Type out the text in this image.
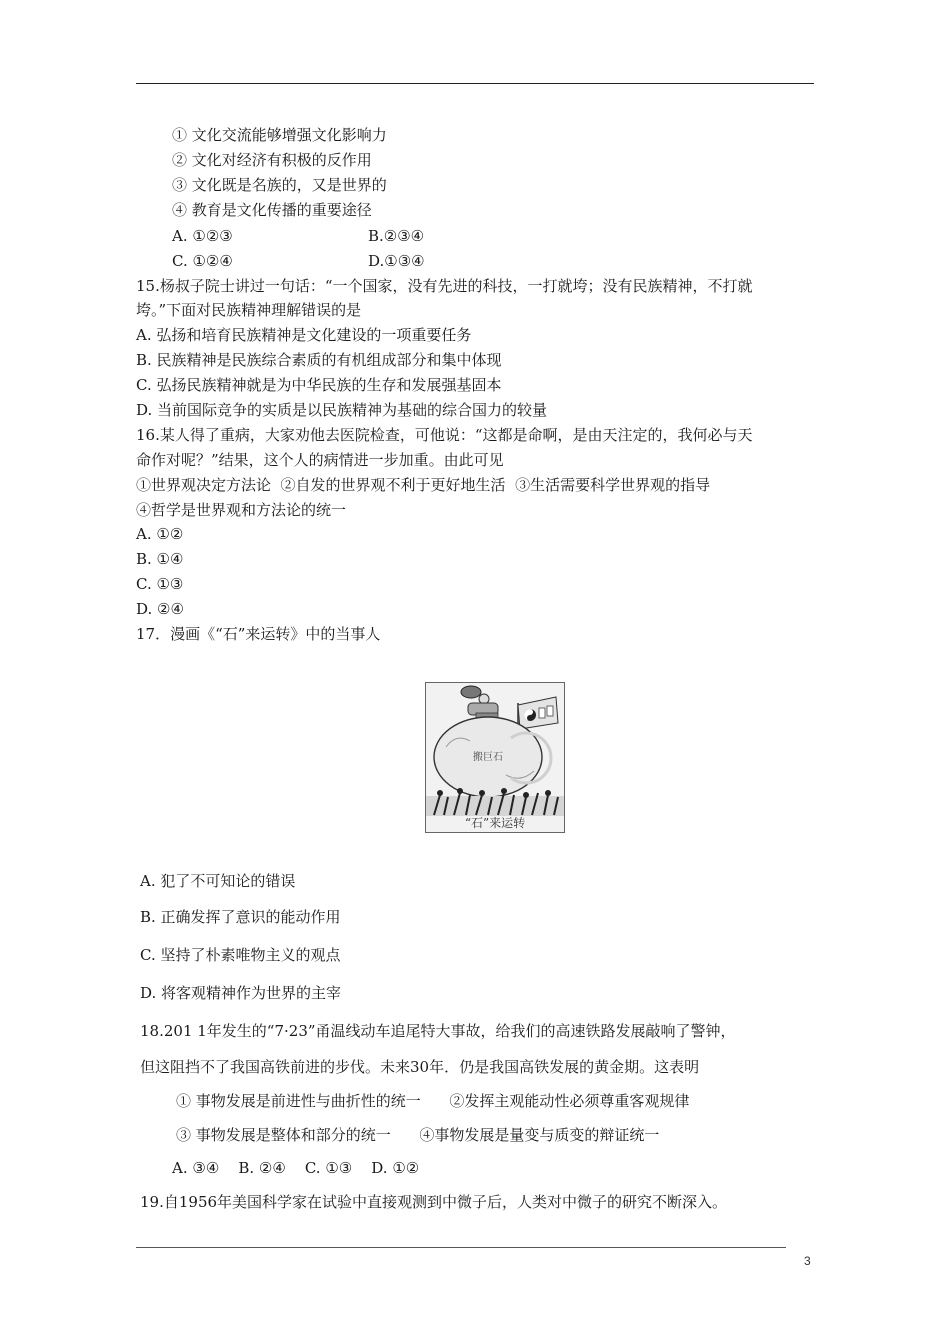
① 文化交流能够增强文化影响力
② 文化对经济有积极的反作用
③ 文化既是名族的，又是世界的
④ 教育是文化传播的重要途径
A. ①②③	B.②③④
C. ①②④	D.①③④
15.杨叔子院士讲过一句话：“一个国家，没有先进的科技，一打就垮；没有民族精神，不打就
垮。”下面对民族精神理解错误的是
A. 弘扬和培育民族精神是文化建设的一项重要任务
B. 民族精神是民族综合素质的有机组成部分和集中体现
C. 弘扬民族精神就是为中华民族的生存和发展强基固本
D. 当前国际竞争的实质是以民族精神为基础的综合国力的较量
16.某人得了重病，大家劝他去医院检查，可他说：“这都是命啊，是由天注定的，我何必与天
命作对呢？”结果，这个人的病情进一步加重。由此可见
①世界观决定方法论  ②自发的世界观不利于更好地生活  ③生活需要科学世界观的指导
④哲学是世界观和方法论的统一
A. ①②
B. ①④
C. ①③
D. ②④
17．漫画《“石”来运转》中的当事人
搬巨石
“石”来运转
A. 犯了不可知论的错误
B. 正确发挥了意识的能动作用
C. 坚持了朴素唯物主义的观点
D. 将客观精神作为世界的主宰
18.201 1年发生的“7·23”甬温线动车追尾特大事故，给我们的高速铁路发展敲响了警钟，
但这阻挡不了我国高铁前进的步伐。未来30年．仍是我国高铁发展的黄金期。这表明
① 事物发展是前进性与曲折性的统一      ②发挥主观能动性必须尊重客观规律
③ 事物发展是整体和部分的统一      ④事物发展是量变与质变的辩证统一
A. ③④    B. ②④    C. ①③    D. ①②
19.自1956年美国科学家在试验中直接观测到中微子后，人类对中微子的研究不断深入。
3
